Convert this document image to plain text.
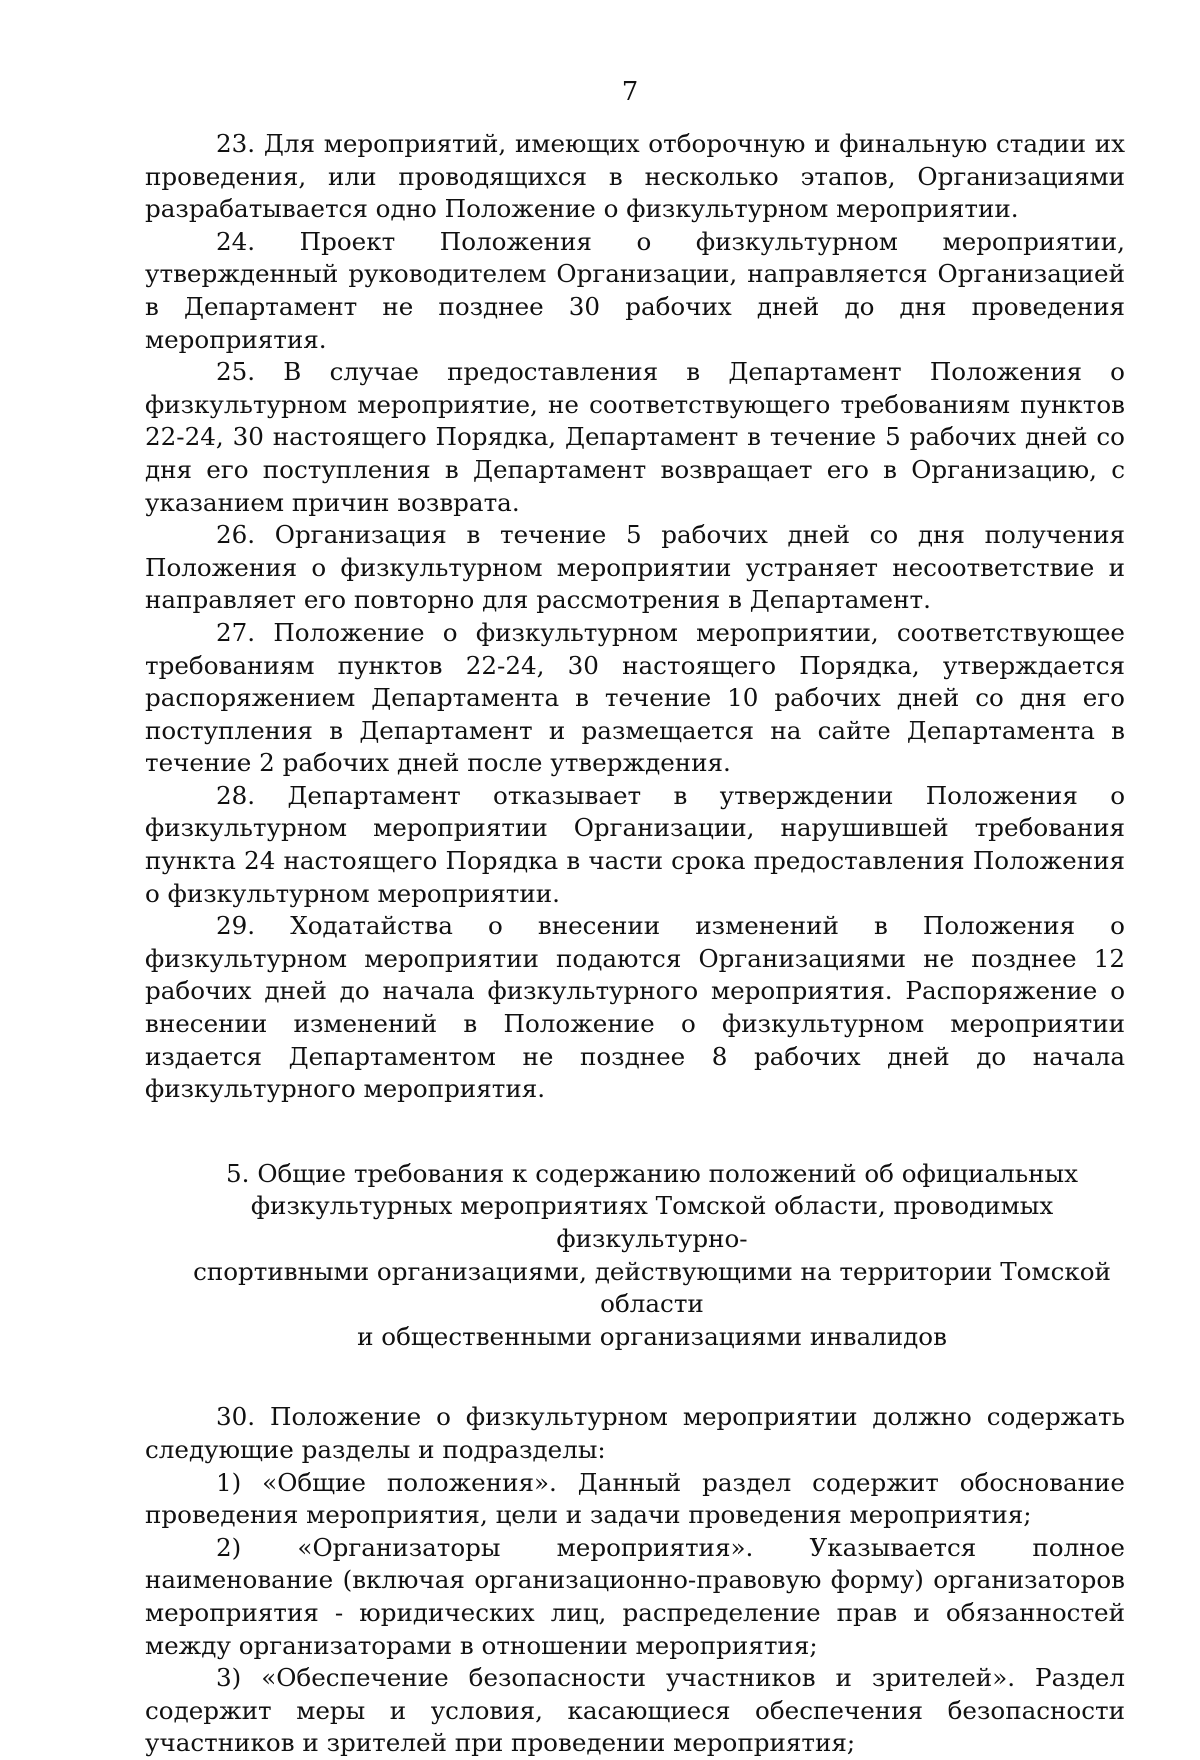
7

23. Для мероприятий, имеющих отборочную и финальную стадии их проведения, или проводящихся в несколько этапов, Организациями разрабатывается одно Положение о физкультурном мероприятии.

24. Проект Положения о физкультурном мероприятии, утвержденный руководителем Организации, направляется Организацией в Департамент не позднее 30 рабочих дней до дня проведения мероприятия.

25. В случае предоставления в Департамент Положения о физкультурном мероприятие, не соответствующего требованиям пунктов 22-24, 30 настоящего Порядка, Департамент в течение 5 рабочих дней со дня его поступления в Департамент возвращает его в Организацию, с указанием причин возврата.

26. Организация в течение 5 рабочих дней со дня получения Положения о физкультурном мероприятии устраняет несоответствие и направляет его повторно для рассмотрения в Департамент.

27. Положение о физкультурном мероприятии, соответствующее требованиям пунктов 22-24, 30 настоящего Порядка, утверждается распоряжением Департамента в течение 10 рабочих дней со дня его поступления в Департамент и размещается на сайте Департамента в течение 2 рабочих дней после утверждения.

28. Департамент отказывает в утверждении Положения о физкультурном мероприятии Организации, нарушившей требования пункта 24 настоящего Порядка в части срока предоставления Положения о физкультурном мероприятии.

29. Ходатайства о внесении изменений в Положения о физкультурном мероприятии подаются Организациями не позднее 12 рабочих дней до начала физкультурного мероприятия. Распоряжение о внесении изменений в Положение о физкультурном мероприятии издается Департаментом не позднее 8 рабочих дней до начала физкультурного мероприятия.

5. Общие требования к содержанию положений об официальных
физкультурных мероприятиях Томской области, проводимых физкультурно-
спортивными организациями, действующими на территории Томской области
и общественными организациями инвалидов

30. Положение о физкультурном мероприятии должно содержать следующие разделы и подразделы:

1) «Общие положения». Данный раздел содержит обоснование проведения мероприятия, цели и задачи проведения мероприятия;

2) «Организаторы мероприятия». Указывается полное наименование (включая организационно-правовую форму) организаторов мероприятия - юридических лиц, распределение прав и обязанностей между организаторами в отношении мероприятия;

3) «Обеспечение безопасности участников и зрителей». Раздел содержит меры и условия, касающиеся обеспечения безопасности участников и зрителей при проведении мероприятия;
